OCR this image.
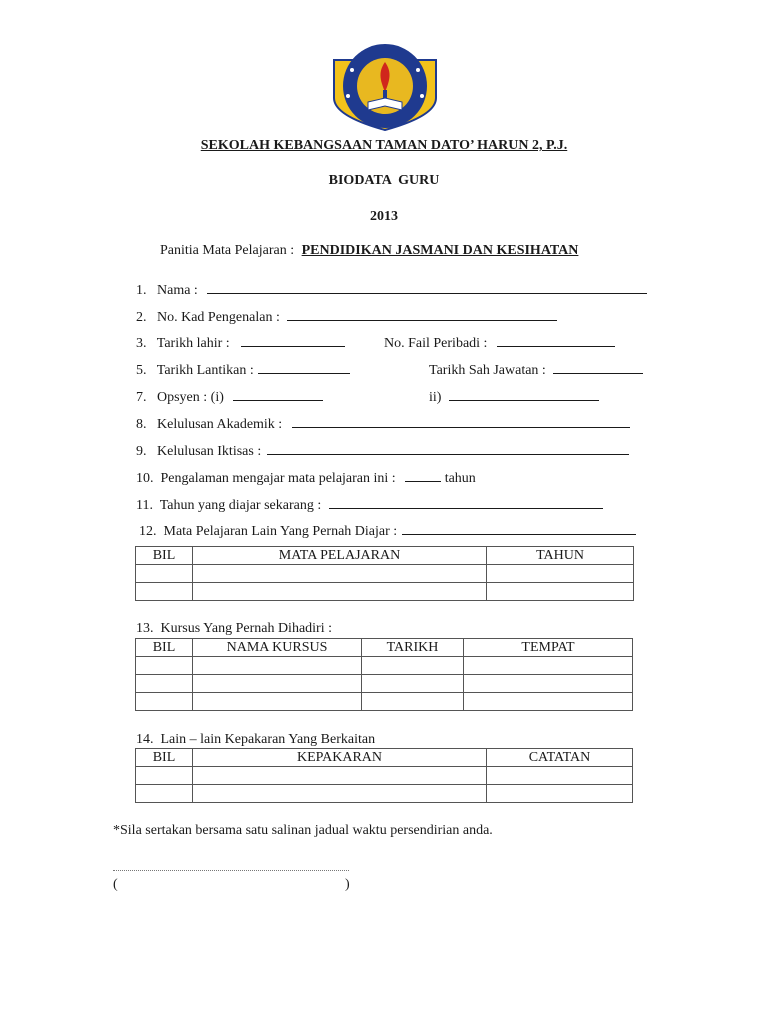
SEKOLAH KEBANGSAAN TAMAN DATO’ HARUN 2, P.J.
BIODATA  GURU
2013
Panitia Mata Pelajaran : PENDIDIKAN JASMANI DAN KESIHATAN
1.   Nama :
2.   No. Kad Pengenalan :
3.   Tarikh lahir :	No. Fail Peribadi :
5.   Tarikh Lantikan :	Tarikh Sah Jawatan :
7.   Opsyen : (i)	ii)
8.   Kelulusan Akademik :
9.   Kelulusan Iktisas :
10.  Pengalaman mengajar mata pelajaran ini :	tahun
11.  Tahun yang diajar sekarang :
12.  Mata Pelajaran Lain Yang Pernah Diajar :
BIL	MATA PELAJARAN	TAHUN

13.  Kursus Yang Pernah Dihadiri :
BIL	NAMA KURSUS	TARIKH	TEMPAT

14.  Lain – lain Kepakaran Yang Berkaitan
BIL	KEPAKARAN	CATATAN

*Sila sertakan bersama satu salinan jadual waktu persendirian anda.
(	)
